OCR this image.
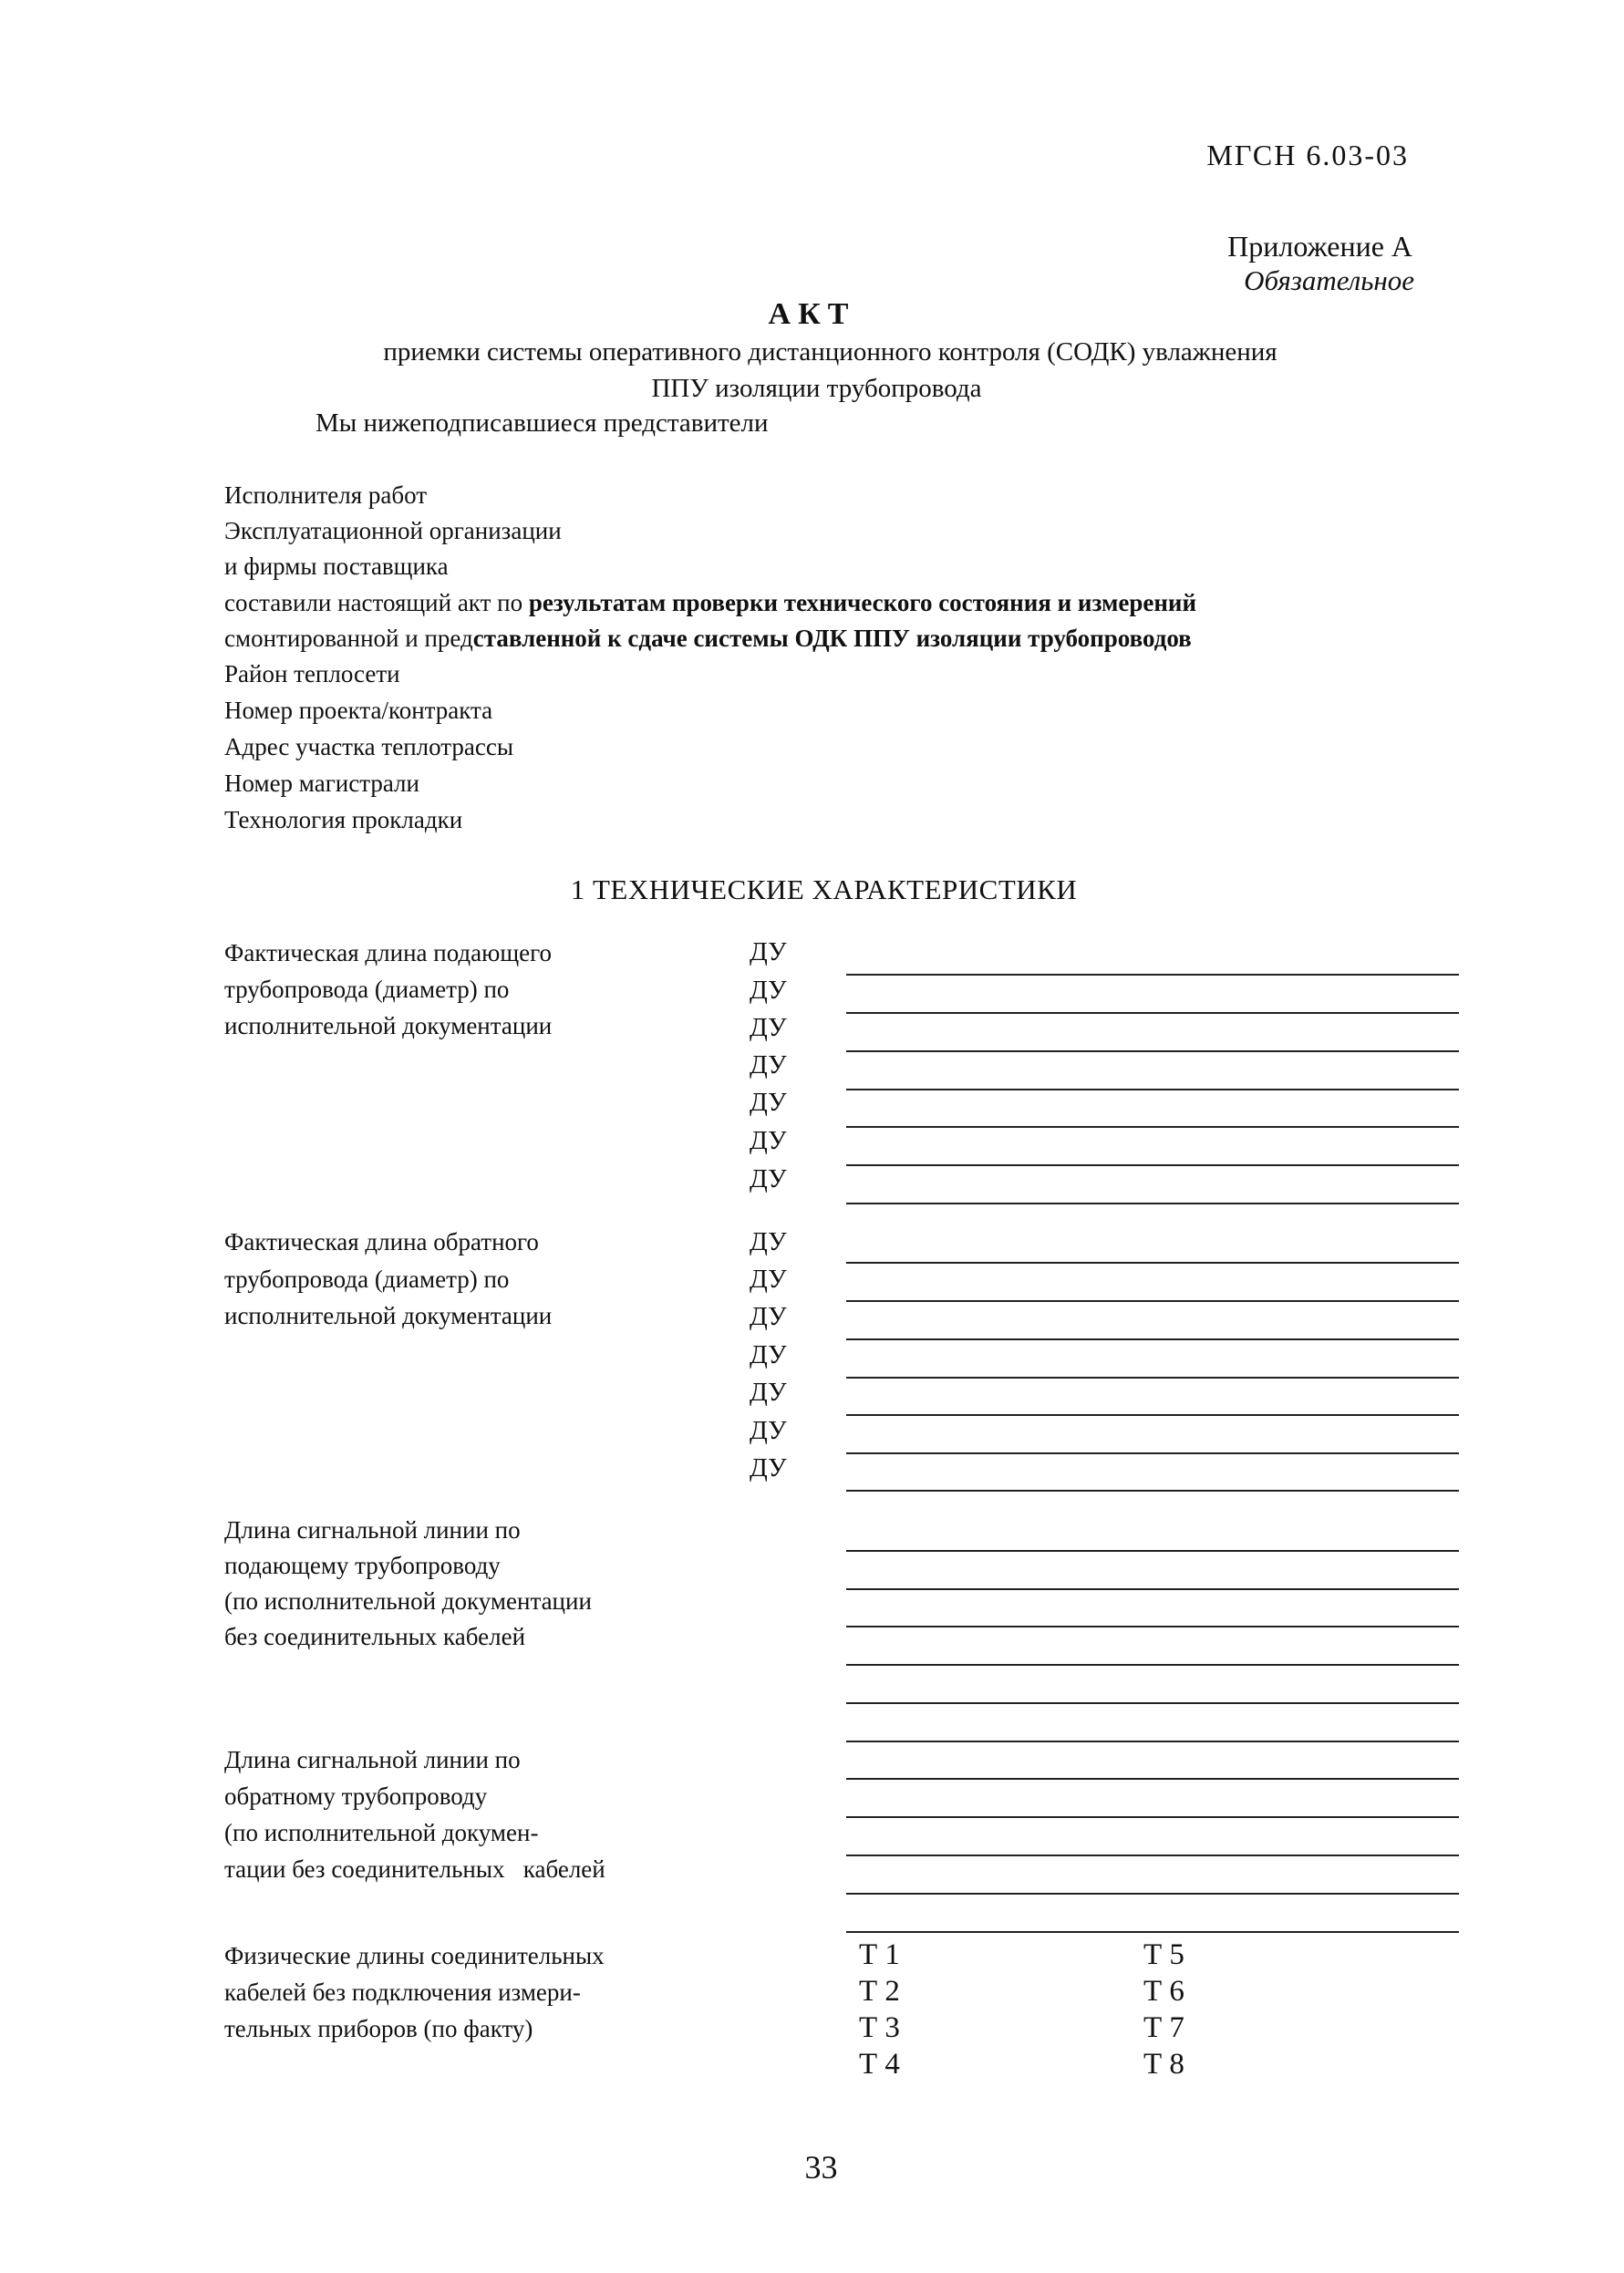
МГСН 6.03-03
Приложение А
Обязательное
АКТ
приемки системы оперативного дистанционного контроля (СОДК) увлажнения
ППУ изоляции трубопровода
Мы нижеподписавшиеся представители
Исполнителя работ
Эксплуатационной организации
и фирмы поставщика
составили настоящий акт по результатам проверки технического состояния и измерений
смонтированной и представленной к сдаче системы ОДК ППУ изоляции трубопроводов
Район теплосети
Номер проекта/контракта
Адрес участка теплотрассы
Номер магистрали
Технология прокладки
1 ТЕХНИЧЕСКИЕ ХАРАКТЕРИСТИКИ
Фактическая длина подающего
трубопровода (диаметр) по
исполнительной документации
ДУ
ДУ
ДУ
ДУ
ДУ
ДУ
ДУ
Фактическая длина обратного
трубопровода (диаметр) по
исполнительной документации
ДУ
ДУ
ДУ
ДУ
ДУ
ДУ
ДУ
Длина сигнальной линии по
подающему трубопроводу
(по исполнительной документации
без соединительных кабелей
Длина сигнальной линии по
обратному трубопроводу
(по исполнительной докумен-
тации без соединительных   кабелей
Физические длины соединительных
кабелей без подключения измери-
тельных приборов (по факту)
Т 1
Т 2
Т 3
Т 4
Т 5
Т 6
Т 7
Т 8
33
